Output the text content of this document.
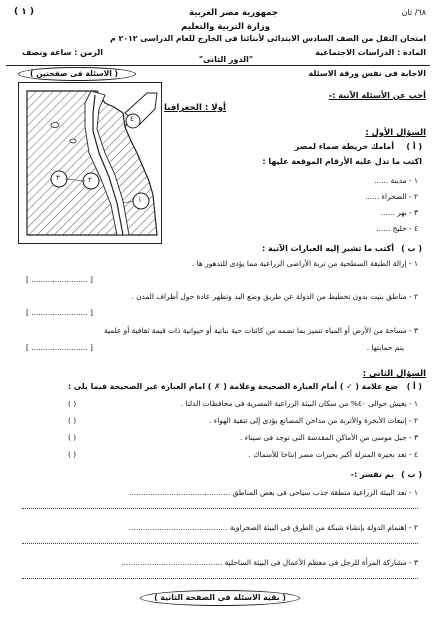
( ١ )	٦٨/ ثان
جمهورية مصر العربية
وزارة التربية والتعليم
امتحان النقل من الصف السادس الابتدائى لأبنائنا فى الخارج للعام الدراسى ٢٠١٢ م
المادة : الدراسات الاجتماعية
"الدور الثانى"
الزمن : ساعة ونصف
الاجابة فى نفس ورقة الاسئلة
( الاسئلة فى صفحتين )
أجب عن الأسئلة الآتية :-
أولا : الجغرافيا
٤
٣	٢
١
السؤال الأول :
( أ )
أمامك خريطة صماء لمصر
اكتب ما تدل عليه الأرقام الموقعة عليها :
١ - مدينة ......
٢ - الصحراء ......
٣ - نهر ......
٤ - خليج ......
( ب )
أكتب ما تشير إليه العبارات الآتية :
١ - إزالة الطبقة السطحية من تربة الأراضى الزراعية مما يؤدى للتدهور ها .
[ ........................ ]
٢ - مناطق بنيت بدون تخطيط من الدولة عن طريق وضع اليد وتظهر عادة حول أطراف المدن .
[ ........................ ]
٣ - مساحة من الأرض أو المياه تتميز بما تضمه من كائنات حية نباتية أو حيوانية ذات قيمة ثقافية أو علمية
يتم حمايتها .
[ ........................ ]
السؤال الثانى :
( أ )
ضع علامة ( ✓ ) أمام العبارة الصحيحة وعلامة ( ✗ ) امام العبارة غير الصحيحة فيما يلى :
١ - يعيش حوالى ٤٠% من سكان البيئة الزراعية المصرية فى محافظات الدلتا .
( )
٢ - إنبعاث الأبخرة والأتربة من مداخن المصانع يؤدى إلى تنقية الهواء .
( )
٣ - جبل موسى من الأماكن المقدسة التى توجد فى سيناء .
( )
٤ - تعد بحيرة المنزلة أكبر بحيرات مصر إنتاجا للأسماك .
( )
( ب )
بم تفسر :-
١ - تعد البيئة الزراعية منطقة جذب سياحى فى بعض المناطق ...........................................
٢ - اهتمام الدولة بإنشاء شبكة من الطرق فى البيئة الصحراوية ..........................................
٣ - مشاركة المرأة للرجل فى معظم الأعمال فى البيئة الساحلية ...........................................
( بقية الاسئلة فى الصفحة الثانية )
